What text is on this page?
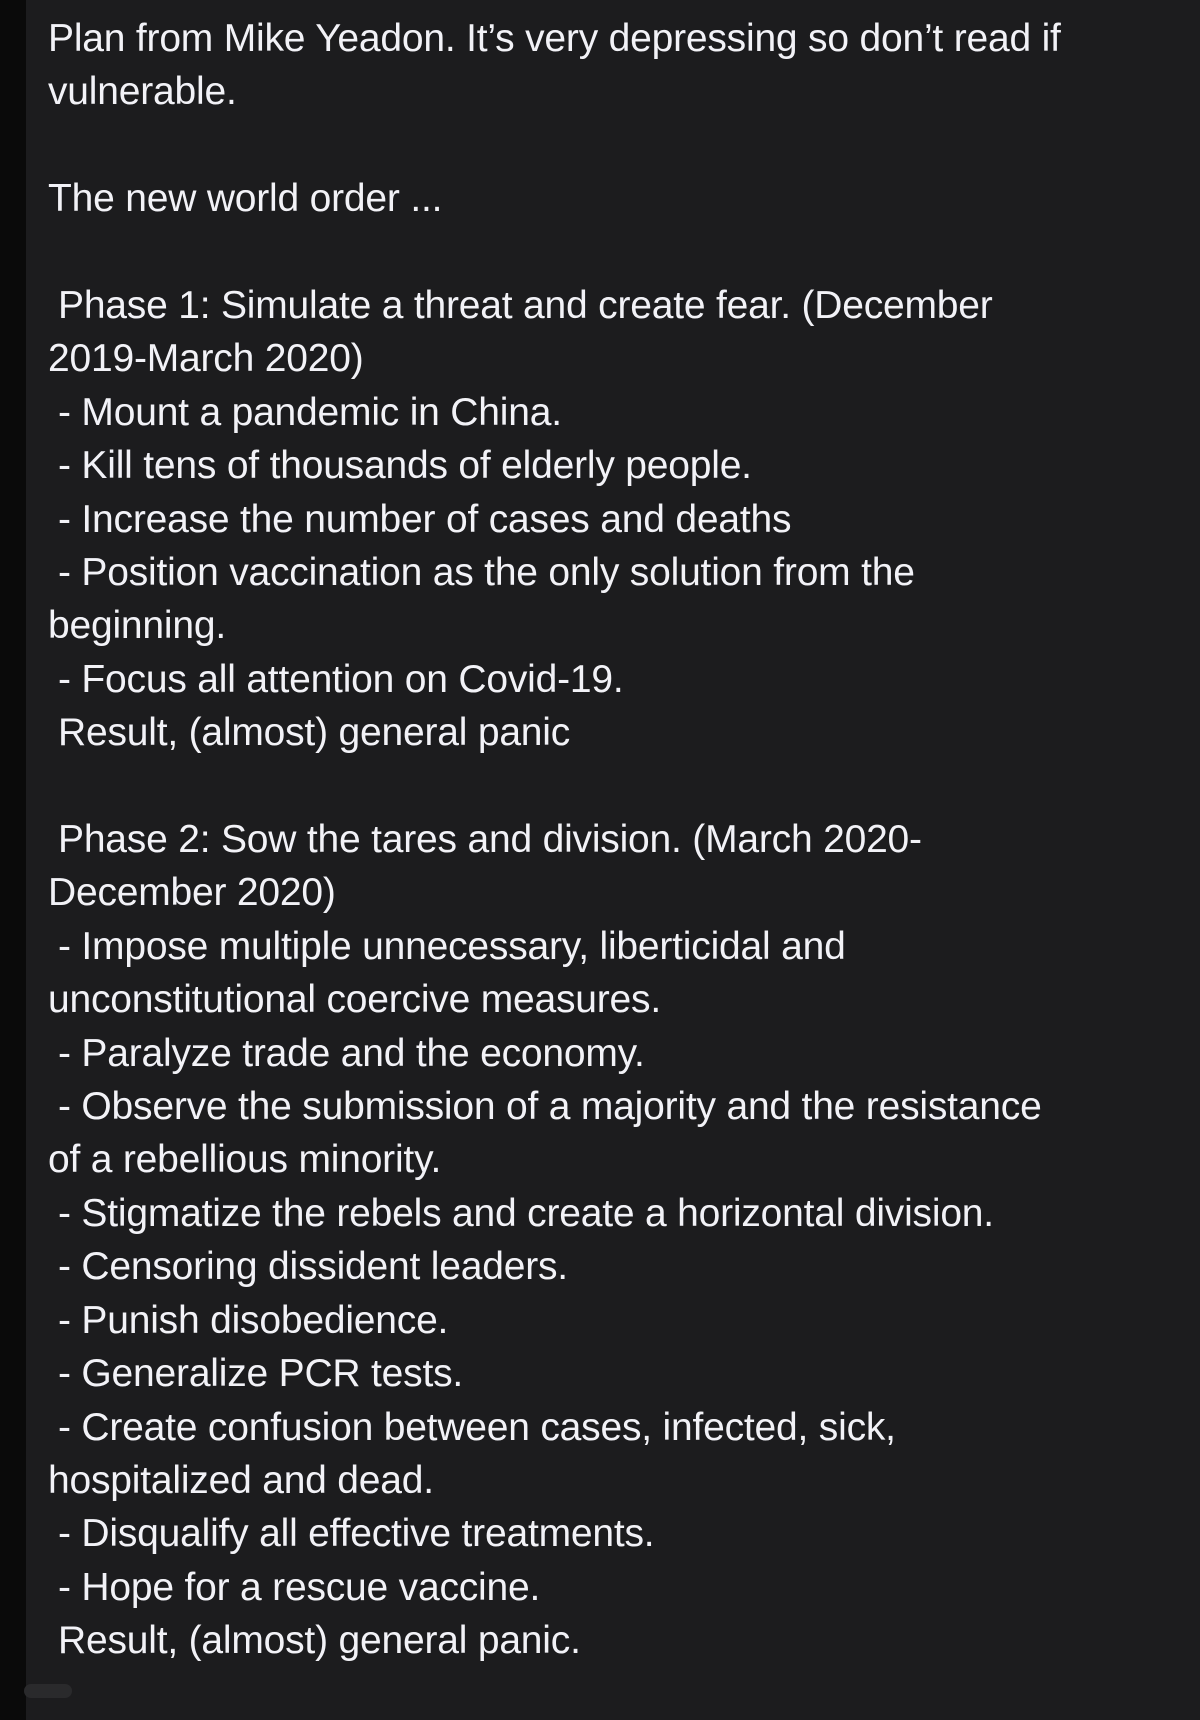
Plan from Mike Yeadon. It’s very depressing so don’t read if
vulnerable.
The new world order ...
Phase 1: Simulate a threat and create fear. (December
2019-March 2020)
- Mount a pandemic in China.
- Kill tens of thousands of elderly people.
- Increase the number of cases and deaths
- Position vaccination as the only solution from the
beginning.
- Focus all attention on Covid-19.
Result, (almost) general panic
Phase 2: Sow the tares and division. (March 2020-
December 2020)
- Impose multiple unnecessary, liberticidal and
unconstitutional coercive measures.
- Paralyze trade and the economy.
- Observe the submission of a majority and the resistance
of a rebellious minority.
- Stigmatize the rebels and create a horizontal division.
- Censoring dissident leaders.
- Punish disobedience.
- Generalize PCR tests.
- Create confusion between cases, infected, sick,
hospitalized and dead.
- Disqualify all effective treatments.
- Hope for a rescue vaccine.
Result, (almost) general panic.
